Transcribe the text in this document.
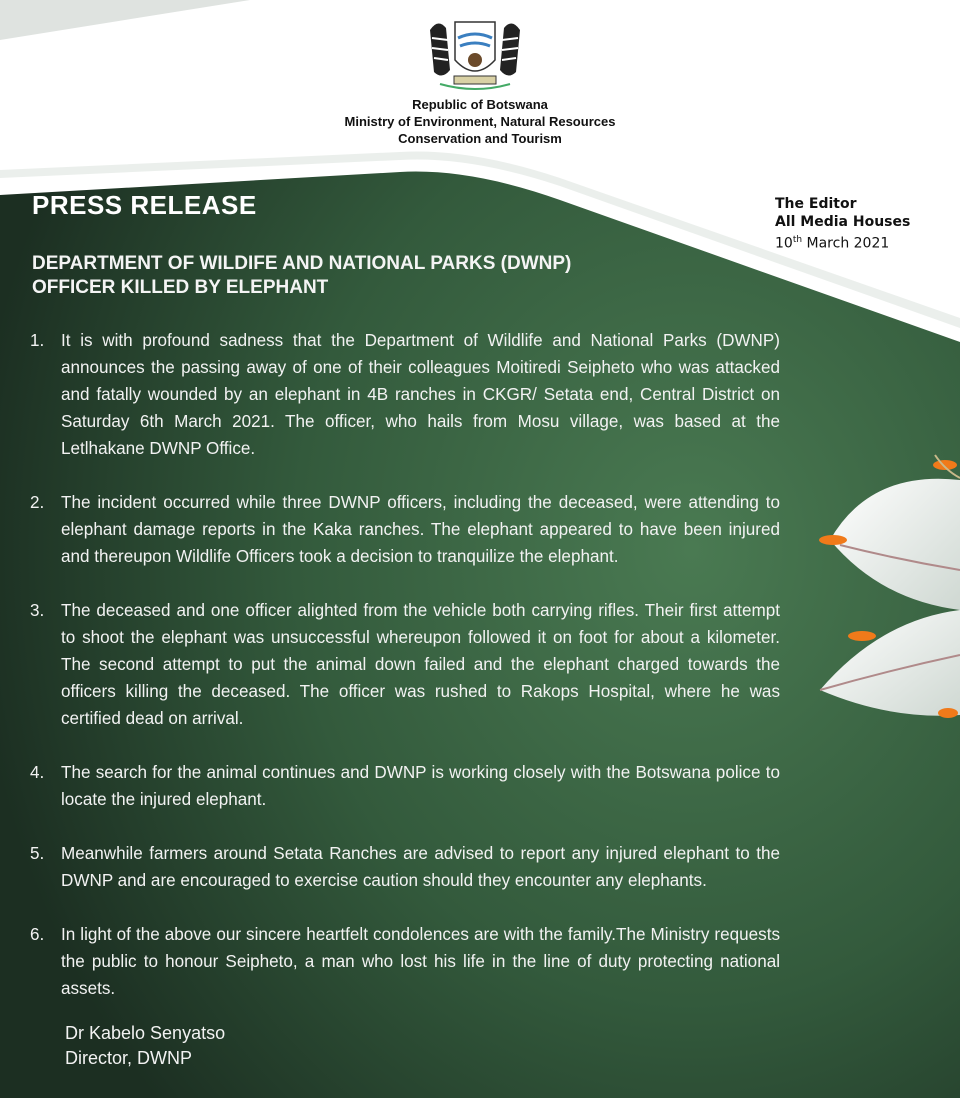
Republic of Botswana
Ministry of Environment, Natural Resources
Conservation and Tourism
The Editor
All Media Houses
10th March 2021
PRESS RELEASE
DEPARTMENT OF WILDIFE AND NATIONAL PARKS (DWNP)
OFFICER KILLED BY ELEPHANT

1. It is with profound sadness that the Department of Wildlife and National Parks (DWNP) announces the passing away of one of their colleagues Moitiredi Seipheto who was attacked and fatally wounded by an elephant in 4B ranches in CKGR/ Setata end, Central District on Saturday 6th March 2021. The officer, who hails from Mosu village, was based at the Letlhakane DWNP Office.

2. The incident occurred while three DWNP officers, including the deceased, were attending to elephant damage reports in the Kaka ranches. The elephant appeared to have been injured and thereupon Wildlife Officers took a decision to tranquilize the elephant.

3. The deceased and one officer alighted from the vehicle both carrying rifles. Their first attempt to shoot the elephant was unsuccessful whereupon followed it on foot for about a kilometer. The second attempt to put the animal down failed and the elephant charged towards the officers killing the deceased. The officer was rushed to Rakops Hospital, where he was certified dead on arrival.

4. The search for the animal continues and DWNP is working closely with the Botswana police to locate the injured elephant.

5. Meanwhile farmers around Setata Ranches are advised to report any injured elephant to the DWNP and are encouraged to exercise caution should they encounter any elephants.

6. In light of the above our sincere heartfelt condolences are with the family.The Ministry requests the public to honour Seipheto, a man who lost his life in the line of duty protecting national assets.

Dr Kabelo Senyatso
Director, DWNP
